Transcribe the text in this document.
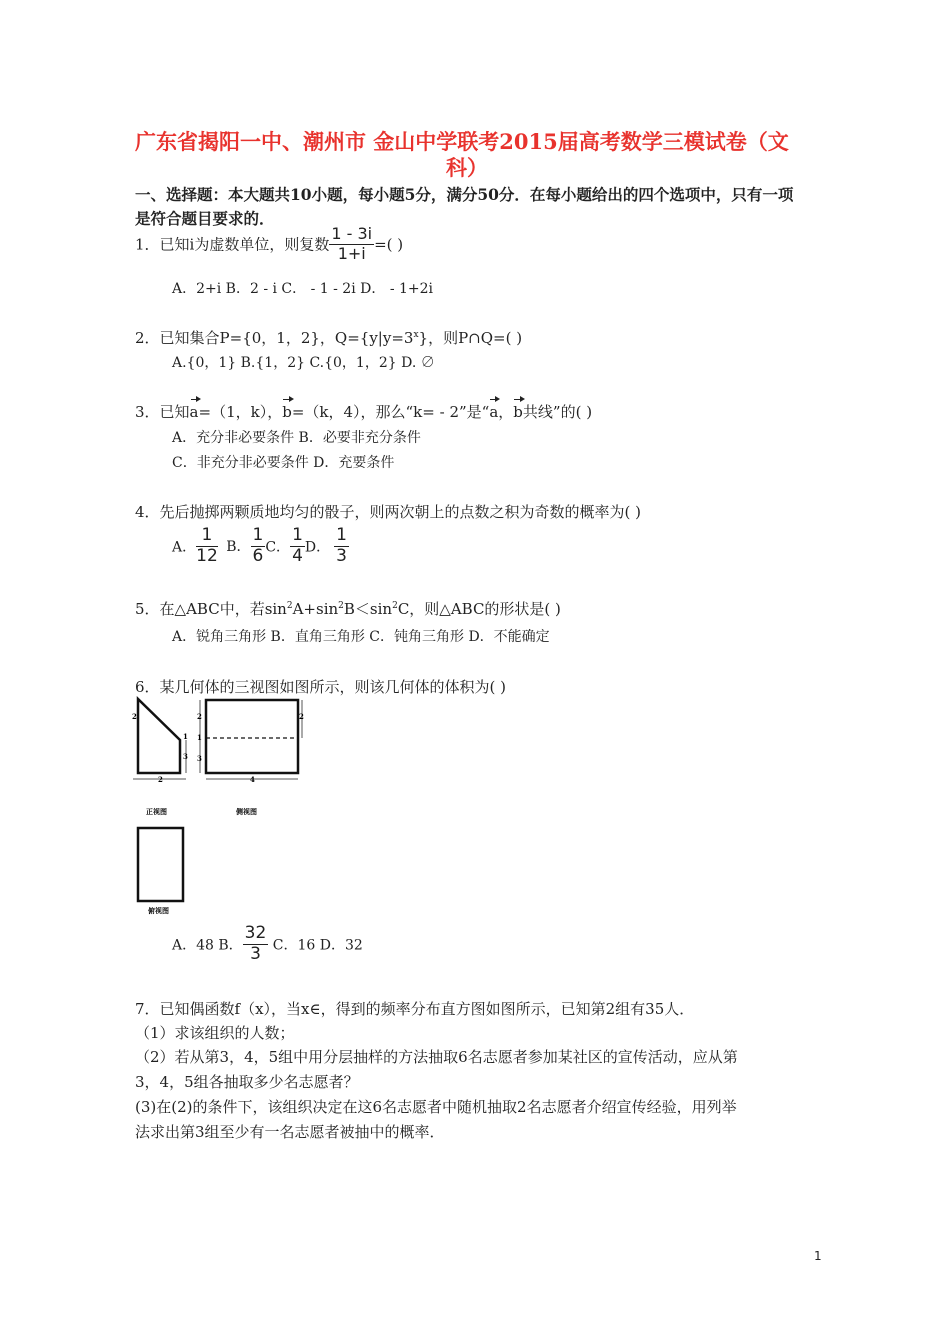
广东省揭阳一中、潮州市 金山中学联考2015届高考数学三模试卷（文
科）
一、选择题：本大题共10小题，每小题5分，满分50分．在每小题给出的四个选项中，只有一项
是符合题目要求的．
1．已知i为虚数单位，则复数 $\frac{1 - 3i}{1+i}$ =( )
A．2+i B．2 - i C． - 1 - 2i D． - 1+2i
2．已知集合P={0，1，2}，$Q=\{y|y=3^x\}$，则P∩Q=( )
A.{0，1} B.{1，2} C.{0，1，2} D. ∅
3．已知a=（1，k），b=（k，4），那么“k= - 2”是“a，b共线”的( )
A．充分非必要条件 B．必要非充分条件
C．非充分非必要条件 D．充要条件
4．先后抛掷两颗质地均匀的骰子，则两次朝上的点数之积为奇数的概率为( )
A． $\frac{1}{12}$ B． $\frac{1}{6}$ C． $\frac{1}{4}$ D． $\frac{1}{3}$
5．在△ABC中，若$\sin^2A+\sin^2B<\sin^2C$，则△ABC的形状是( )
A．锐角三角形 B．直角三角形 C．钝角三角形 D．不能确定
6．某几何体的三视图如图所示，则该几何体的体积为( )
2
1
3
正视图
2
4
2
1
3
2
侧视图
俯视图
A．48 B． $\frac{32}{3}$ C．16 D．32
7．已知偶函数f（x），当x∈，得到的频率分布直方图如图所示，已知第2组有35人．
（1）求该组织的人数；
（2）若从第3，4，5组中用分层抽样的方法抽取6名志愿者参加某社区的宣传活动，应从第
3，4，5组各抽取多少名志愿者？
(3)在(2)的条件下，该组织决定在这6名志愿者中随机抽取2名志愿者介绍宣传经验，用列举
法求出第3组至少有一名志愿者被抽中的概率．
1
